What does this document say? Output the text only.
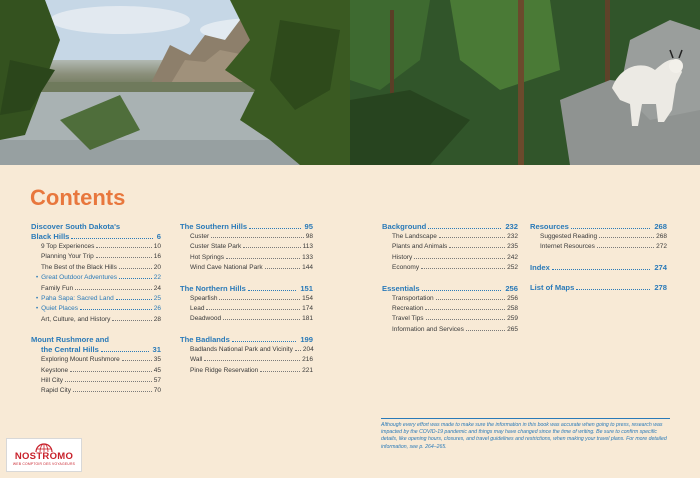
Contents
Discover South Dakota's
Black Hills	6
9 Top Experiences	10
Planning Your Trip	16
The Best of the Black Hills	20
• Great Outdoor Adventures	22
Family Fun	24
• Paha Sapa: Sacred Land	25
• Quiet Places	26
Art, Culture, and History	28
Mount Rushmore and
the Central Hills	31
Exploring Mount Rushmore	35
Keystone	45
Hill City	57
Rapid City	70
The Southern Hills	95
Custer	98
Custer State Park	113
Hot Springs	133
Wind Cave National Park	144
The Northern Hills	151
Spearfish	154
Lead	174
Deadwood	181
The Badlands	199
Badlands National Park and Vicinity 204
Wall	216
Pine Ridge Reservation	221
Background	232
The Landscape	232
Plants and Animals	235
History	242
Economy	252
Essentials	256
Transportation	256
Recreation	258
Travel Tips	259
Information and Services	265
Resources	268
Suggested Reading	268
Internet Resources	272
Index	274
List of Maps	278

Although every effort was made to make sure the information in this book was accurate when going to press, research was impacted by the COVID-19 pandemic and things may have changed since the time of writing. Be sure to confirm specific details, like opening hours, closures, and travel guidelines and restrictions, when making your travel plans. For more detailed information, see p. 264–265.

NOSTROMO
WEB COMPTOIR DES VOYAGEURS
